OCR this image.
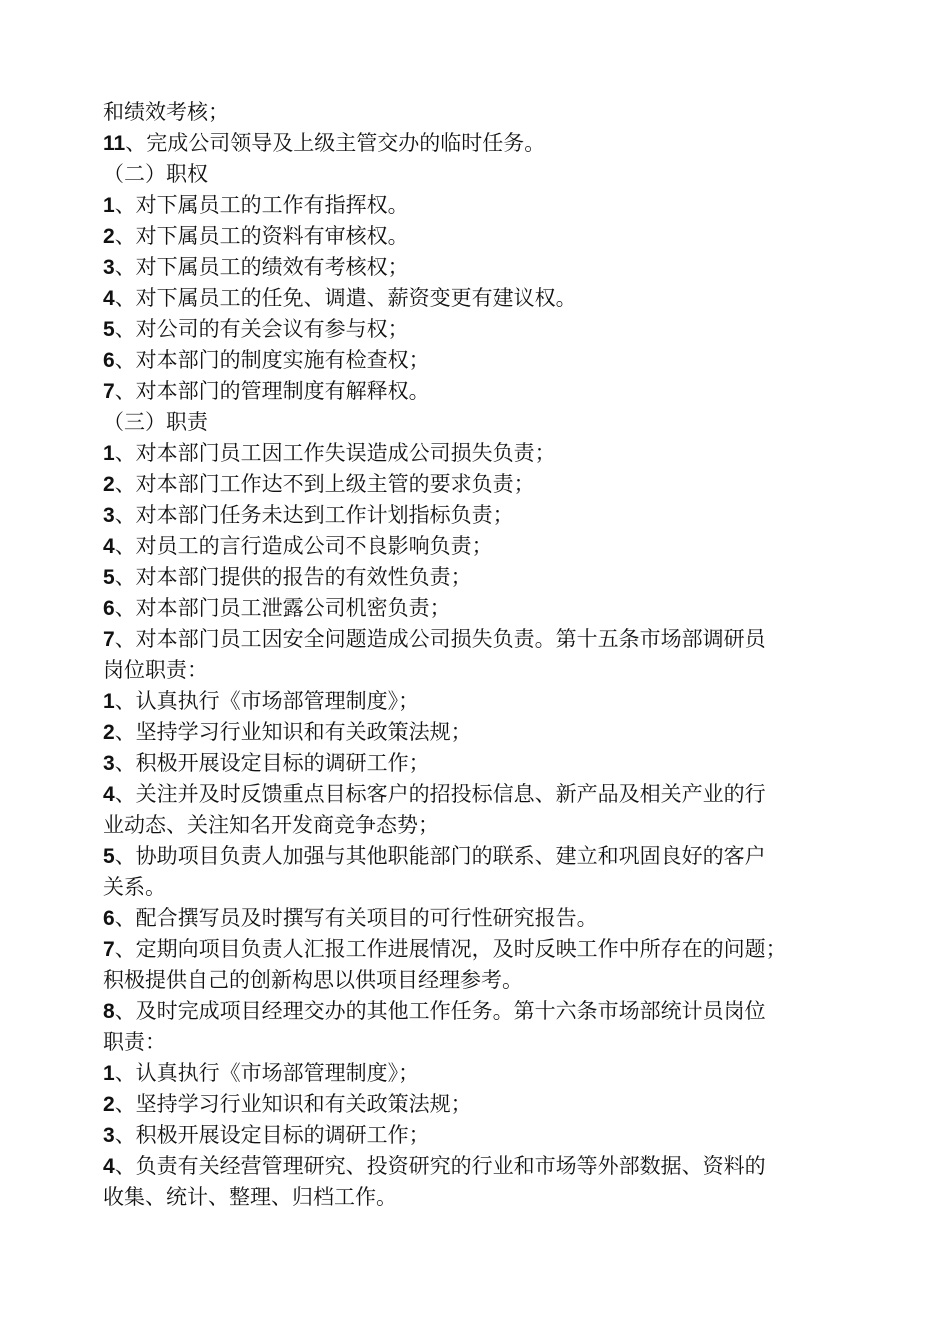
和绩效考核；
11、完成公司领导及上级主管交办的临时任务。
（二）职权
1、对下属员工的工作有指挥权。
2、对下属员工的资料有审核权。
3、对下属员工的绩效有考核权；
4、对下属员工的任免、调遣、薪资变更有建议权。
5、对公司的有关会议有参与权；
6、对本部门的制度实施有检查权；
7、对本部门的管理制度有解释权。
（三）职责
1、对本部门员工因工作失误造成公司损失负责；
2、对本部门工作达不到上级主管的要求负责；
3、对本部门任务未达到工作计划指标负责；
4、对员工的言行造成公司不良影响负责；
5、对本部门提供的报告的有效性负责；
6、对本部门员工泄露公司机密负责；
7、对本部门员工因安全问题造成公司损失负责。第十五条市场部调研员
岗位职责：
1、认真执行《市场部管理制度》；
2、坚持学习行业知识和有关政策法规；
3、积极开展设定目标的调研工作；
4、关注并及时反馈重点目标客户的招投标信息、新产品及相关产业的行
业动态、关注知名开发商竞争态势；
5、协助项目负责人加强与其他职能部门的联系、建立和巩固良好的客户
关系。
6、配合撰写员及时撰写有关项目的可行性研究报告。
7、定期向项目负责人汇报工作进展情况，及时反映工作中所存在的问题；
积极提供自己的创新构思以供项目经理参考。
8、及时完成项目经理交办的其他工作任务。第十六条市场部统计员岗位
职责：
1、认真执行《市场部管理制度》；
2、坚持学习行业知识和有关政策法规；
3、积极开展设定目标的调研工作；
4、负责有关经营管理研究、投资研究的行业和市场等外部数据、资料的
收集、统计、整理、归档工作。
